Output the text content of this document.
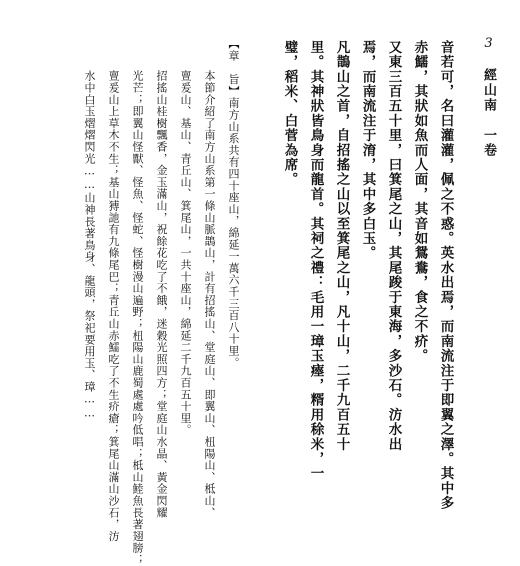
3　經山南　一卷
音若可，名曰灌灌，佩之不惑。英水出焉，而南流注于即翼之澤。其中多
赤鱬，其狀如魚而人面，其音如鴛鴦，食之不疥。
又東三百五十里，曰箕尾之山，其尾踆于東海，多沙石。汸水出
焉，而南流注于淯，其中多白玉。
凡鵲山之首，自招搖之山以至箕尾之山，凡十山，二千九百五十
里。其神狀皆鳥身而龍首。其祠之禮：毛用一璋玉瘞，糈用稌米，一
璧，稻米、白菅為席。
【章　旨】南方山系共有四十座山，綿延一萬六千三百八十里。
本節介紹了南方山系第一條山脈鵲山，計有招搖山、堂庭山、即翼山、杻陽山、柢山、
亶爰山、基山、青丘山、箕尾山，一共十座山，綿延二千九百五十里。
招搖山桂樹飄香，金玉滿山，祝餘花吃了不餓，迷穀光照四方；堂庭山水晶、黃金閃耀
光芒；即翼山怪獸、怪魚、怪蛇、怪樹漫山遍野；杻陽山鹿蜀處處吟低唱；柢山鯥魚長著翅膀；
亶爰山上草木不生；基山猼訑有九條尾巴；青丘山赤鱬吃了不生疥瘡；箕尾山滿山沙石，汸
水中白玉熠熠閃光……山神長著鳥身、龍頭，祭祀要用玉、璋……
